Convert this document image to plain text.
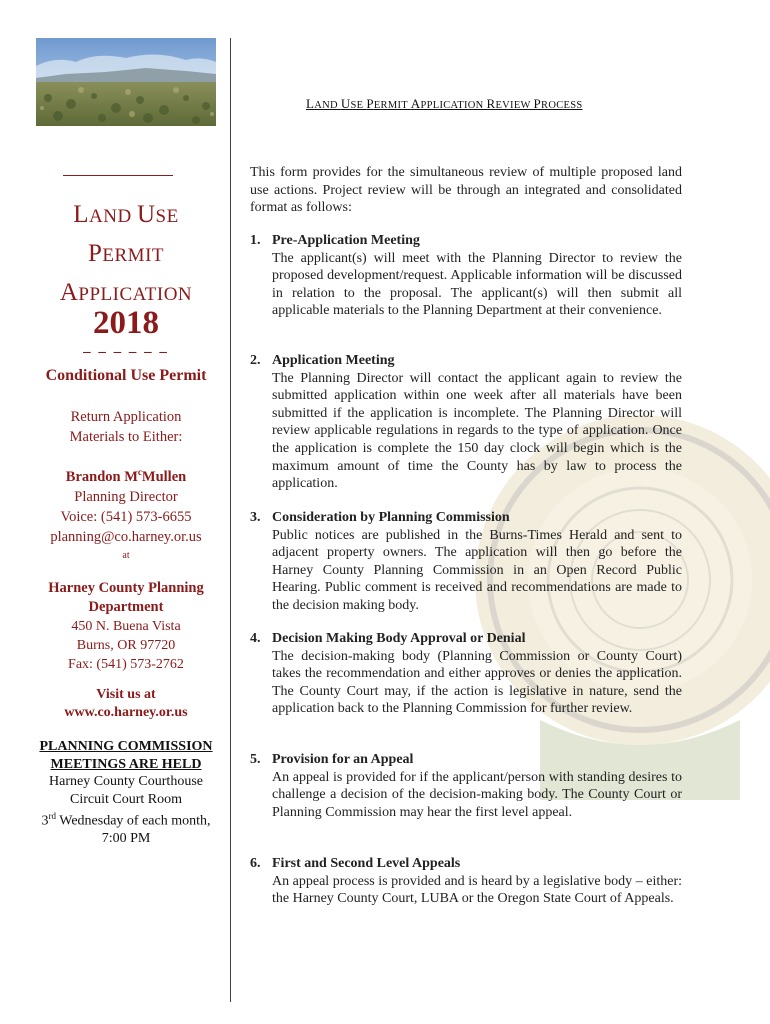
LAND USE
PERMIT
APPLICATION
2018
– – – – – –
Conditional Use Permit
Return Application
Materials to Either:
Brandon $M^cMullen$
Planning Director
Voice: (541) 573-6655
planning@co.harney.or.us
at
Harney County Planning
Department
450 N. Buena Vista
Burns, OR 97720
Fax: (541) 573-2762
Visit us at
www.co.harney.or.us
PLANNING COMMISSION
MEETINGS ARE HELD
Harney County Courthouse
Circuit Court Room
3rd Wednesday of each month,
7:00 PM
LAND USE PERMIT APPLICATION REVIEW PROCESS
This form provides for the simultaneous review of multiple proposed land use actions. Project review will be through an integrated and consolidated format as follows:
1. Pre-Application Meeting
The applicant(s) will meet with the Planning Director to review the proposed development/request. Applicable information will be discussed in relation to the proposal. The applicant(s) will then submit all applicable materials to the Planning Department at their convenience.
2. Application Meeting
The Planning Director will contact the applicant again to review the submitted application within one week after all materials have been submitted if the application is incomplete. The Planning Director will review applicable regulations in regards to the type of application. Once the application is complete the 150 day clock will begin which is the maximum amount of time the County has by law to process the application.
3. Consideration by Planning Commission
Public notices are published in the Burns-Times Herald and sent to adjacent property owners. The application will then go before the Harney County Planning Commission in an Open Record Public Hearing. Public comment is received and recommendations are made to the decision making body.
4. Decision Making Body Approval or Denial
The decision-making body (Planning Commission or County Court) takes the recommendation and either approves or denies the application. The County Court may, if the action is legislative in nature, send the application back to the Planning Commission for further review.
5. Provision for an Appeal
An appeal is provided for if the applicant/person with standing desires to challenge a decision of the decision-making body. The County Court or Planning Commission may hear the first level appeal.
6. First and Second Level Appeals
An appeal process is provided and is heard by a legislative body – either: the Harney County Court, LUBA or the Oregon State Court of Appeals.
